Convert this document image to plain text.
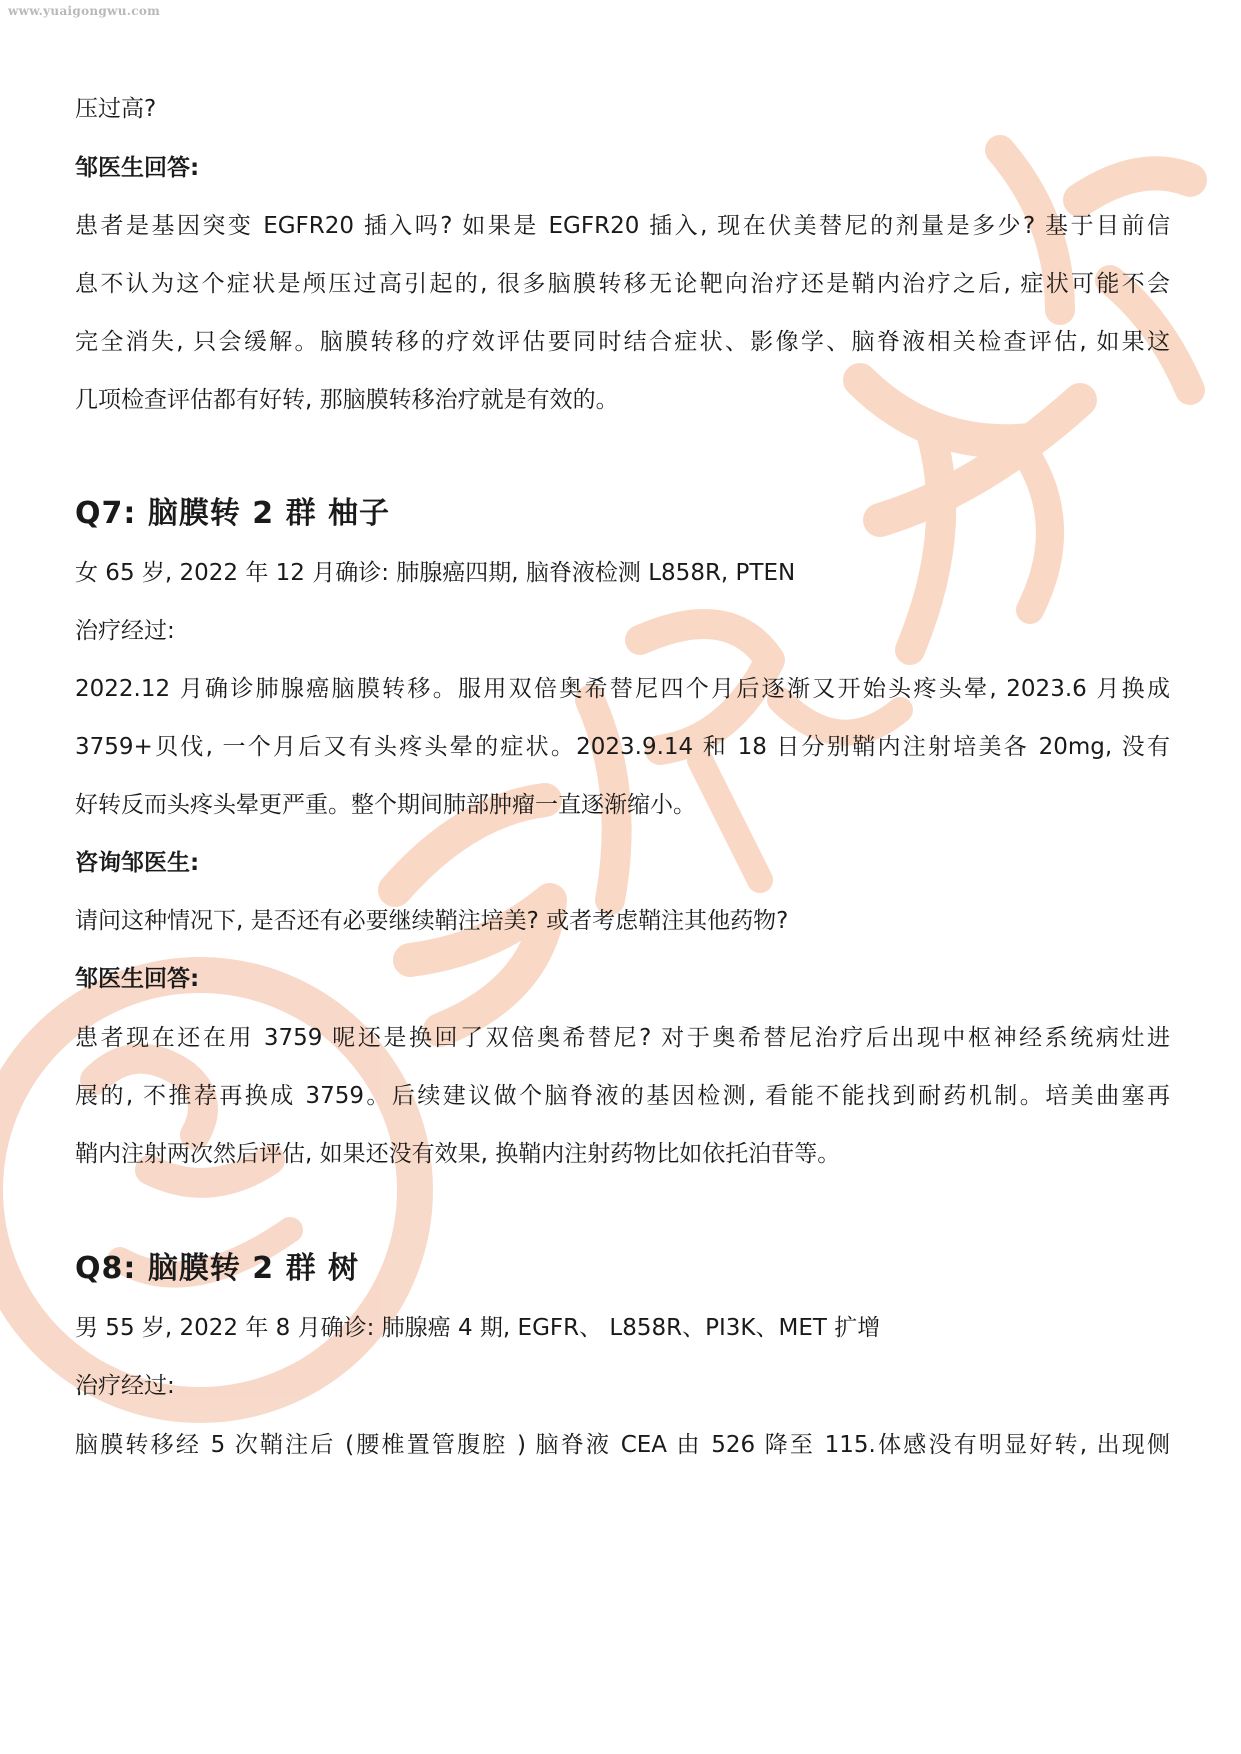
www.yuaigongwu.com
压过高?
邹医生回答:
患者是基因突变 EGFR20 插入吗? 如果是 EGFR20 插入, 现在伏美替尼的剂量是多少? 基于目前信
息不认为这个症状是颅压过高引起的, 很多脑膜转移无论靶向治疗还是鞘内治疗之后, 症状可能不会
完全消失, 只会缓解。脑膜转移的疗效评估要同时结合症状、影像学、脑脊液相关检查评估, 如果这
几项检查评估都有好转, 那脑膜转移治疗就是有效的。
Q7: 脑膜转 2 群 柚子
女 65 岁, 2022 年 12 月确诊: 肺腺癌四期, 脑脊液检测 L858R, PTEN
治疗经过:
2022.12 月确诊肺腺癌脑膜转移。服用双倍奥希替尼四个月后逐渐又开始头疼头晕, 2023.6 月换成
3759+贝伐, 一个月后又有头疼头晕的症状。2023.9.14 和 18 日分别鞘内注射培美各 20mg, 没有
好转反而头疼头晕更严重。整个期间肺部肿瘤一直逐渐缩小。
咨询邹医生:
请问这种情况下, 是否还有必要继续鞘注培美? 或者考虑鞘注其他药物?
邹医生回答:
患者现在还在用 3759 呢还是换回了双倍奥希替尼? 对于奥希替尼治疗后出现中枢神经系统病灶进
展的, 不推荐再换成 3759。后续建议做个脑脊液的基因检测, 看能不能找到耐药机制。培美曲塞再
鞘内注射两次然后评估, 如果还没有效果, 换鞘内注射药物比如依托泊苷等。
Q8: 脑膜转 2 群 树
男 55 岁, 2022 年 8 月确诊: 肺腺癌 4 期, EGFR、 L858R、PI3K、MET 扩增
治疗经过:
脑膜转移经 5 次鞘注后 (腰椎置管腹腔 ) 脑脊液 CEA 由 526 降至 115.体感没有明显好转, 出现侧
